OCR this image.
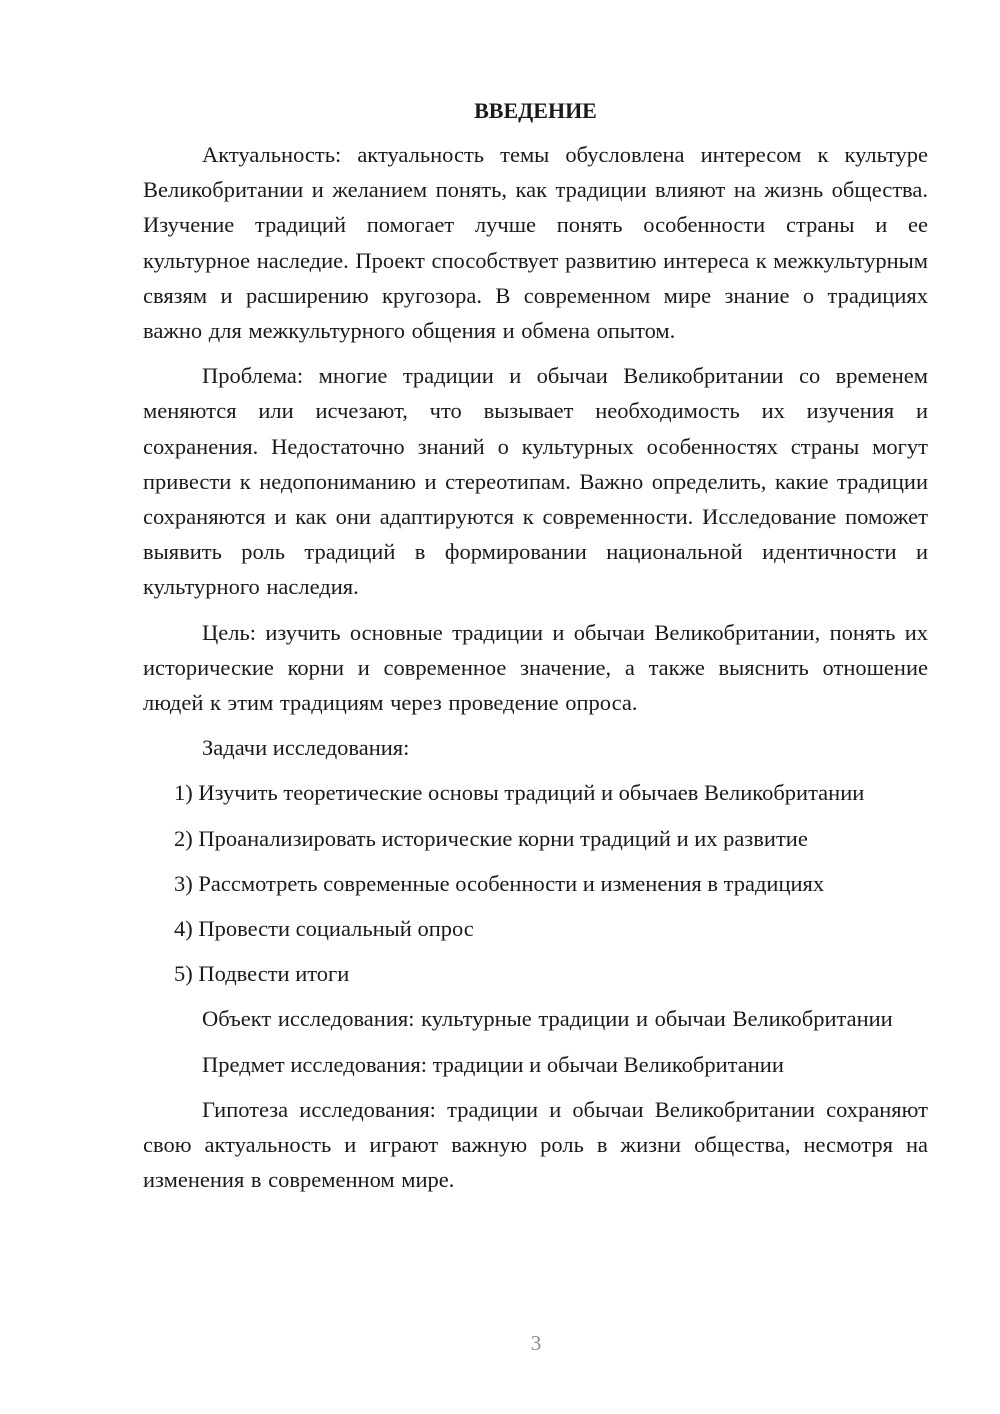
ВВЕДЕНИЕ

Актуальность: актуальность темы обусловлена интересом к культуре Великобритании и желанием понять, как традиции влияют на жизнь общества. Изучение традиций помогает лучше понять особенности страны и ее культурное наследие. Проект способствует развитию интереса к межкультурным связям и расширению кругозора. В современном мире знание о традициях важно для межкультурного общения и обмена опытом.

Проблема: многие традиции и обычаи Великобритании со временем меняются или исчезают, что вызывает необходимость их изучения и сохранения. Недостаточно знаний о культурных особенностях страны могут привести к недопониманию и стереотипам. Важно определить, какие традиции сохраняются и как они адаптируются к современности. Исследование поможет выявить роль традиций в формировании национальной идентичности и культурного наследия.

Цель: изучить основные традиции и обычаи Великобритании, понять их исторические корни и современное значение, а также выяснить отношение людей к этим традициям через проведение опроса.

Задачи исследования:

1) Изучить теоретические основы традиций и обычаев Великобритании

2) Проанализировать исторические корни традиций и их развитие

3) Рассмотреть современные особенности и изменения в традициях

4) Провести социальный опрос

5) Подвести итоги

Объект исследования: культурные традиции и обычаи Великобритании

Предмет исследования: традиции и обычаи Великобритании

Гипотеза исследования: традиции и обычаи Великобритании сохраняют свою актуальность и играют важную роль в жизни общества, несмотря на изменения в современном мире.

3
